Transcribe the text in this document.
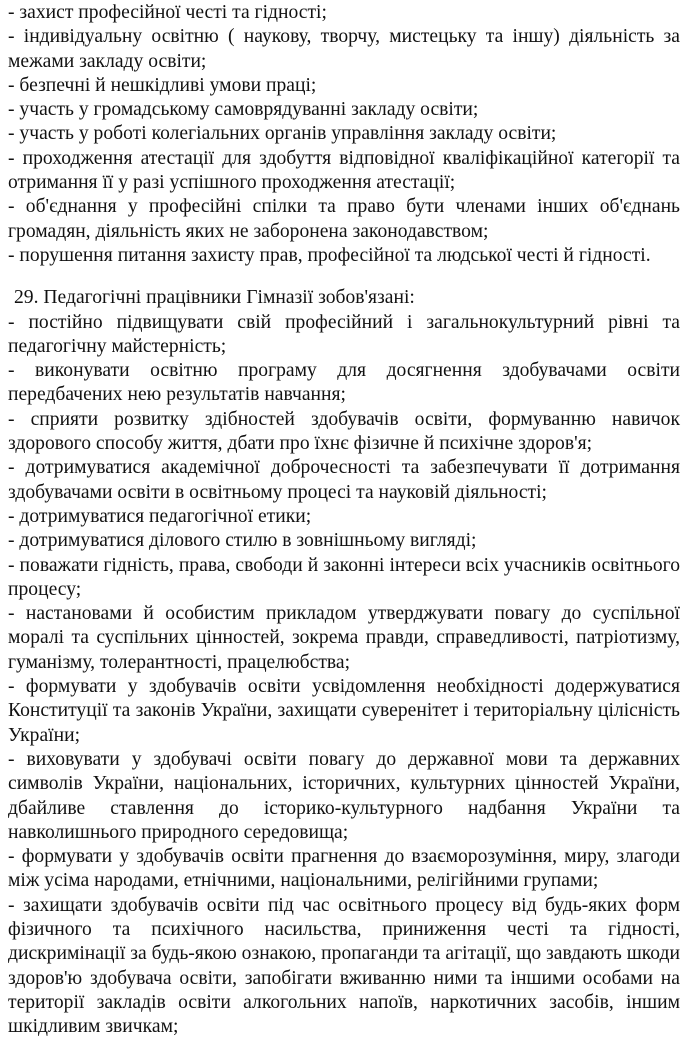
- захист професійної честі та гідності;

- індивідуальну освітню ( наукову, творчу, мистецьку та іншу) діяльність за межами закладу освіти;

- безпечні й нешкідливі умови праці;

- участь у громадському самоврядуванні закладу освіти;

- участь у роботі колегіальних органів управління закладу освіти;

- проходження атестації для здобуття відповідної кваліфікаційної категорії та отримання її у разі успішного проходження атестації;

- об'єднання у професійні спілки та право бути членами інших об'єднань громадян, діяльність яких не заборонена законодавством;

- порушення питання захисту прав, професійної та людської честі й гідності.

29. Педагогічні працівники Гімназії зобов'язані:

- постійно підвищувати свій професійний і загальнокультурний рівні та педагогічну майстерність;

- виконувати освітню програму для досягнення здобувачами освіти передбачених нею результатів навчання;

- сприяти розвитку здібностей здобувачів освіти, формуванню навичок здорового способу життя, дбати про їхнє фізичне й психічне здоров'я;

- дотримуватися академічної доброчесності та забезпечувати її дотримання здобувачами освіти в освітньому процесі та науковій діяльності;

- дотримуватися педагогічної етики;

- дотримуватися ділового стилю в зовнішньому вигляді;

- поважати гідність, права, свободи й законні інтереси всіх учасників освітнього процесу;

- настановами й особистим прикладом утверджувати повагу до суспільної моралі та суспільних цінностей, зокрема правди, справедливості, патріотизму, гуманізму, толерантності, працелюбства;

- формувати у здобувачів освіти усвідомлення необхідності додержуватися Конституції та законів України, захищати суверенітет і територіальну цілісність України;

- виховувати у здобувачі освіти повагу до державної мови та державних символів України, національних, історичних, культурних цінностей України, дбайливе ставлення до історико-культурного надбання України та навколишнього природного середовища;

- формувати у здобувачів освіти прагнення до взаєморозуміння, миру, злагоди між усіма народами, етнічними, національними, релігійними групами;

- захищати здобувачів освіти під час освітнього процесу від будь-яких форм фізичного та психічного насильства, приниження честі та гідності, дискримінації за будь-якою ознакою, пропаганди та агітації, що завдають шкоди здоров'ю здобувача освіти, запобігати вживанню ними та іншими особами на території закладів освіти алкогольних напоїв, наркотичних засобів, іншим шкідливим звичкам;
